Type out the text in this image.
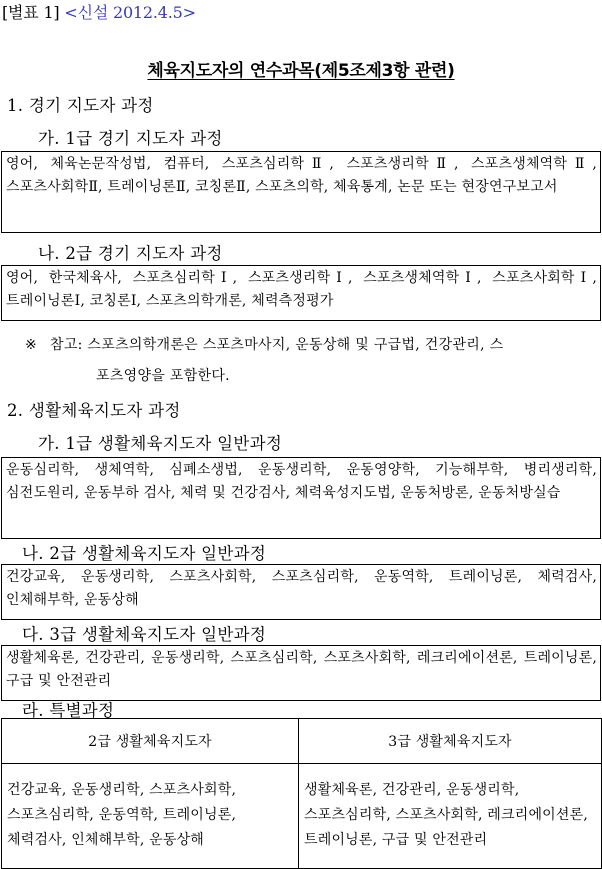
[별표 1] <신설 2012.4.5>
체육지도자의 연수과목(제5조제3항 관련)
1. 경기 지도자 과정
가. 1급 경기 지도자 과정
영어, 체육논문작성법, 컴퓨터, 스포츠심리학Ⅱ, 스포츠생리학Ⅱ, 스포츠생체역학Ⅱ, 스포츠사회학Ⅱ, 트레이닝론Ⅱ, 코칭론Ⅱ, 스포츠의학, 체육통계, 논문 또는 현장연구보고서
나. 2급 경기 지도자 과정
영어, 한국체육사, 스포츠심리학Ⅰ, 스포츠생리학Ⅰ, 스포츠생체역학Ⅰ, 스포츠사회학Ⅰ, 트레이닝론Ⅰ, 코칭론Ⅰ, 스포츠의학개론, 체력측정평가
※ 참고: 스포츠의학개론은 스포츠마사지, 운동상해 및 구급법, 건강관리, 스
포츠영양을 포함한다.
2. 생활체육지도자 과정
가. 1급 생활체육지도자 일반과정
운동심리학, 생체역학, 심폐소생법, 운동생리학, 운동영양학, 기능해부학, 병리생리학, 심전도원리, 운동부하 검사, 체력 및 건강검사, 체력육성지도법, 운동처방론, 운동처방실습
나. 2급 생활체육지도자 일반과정
건강교육, 운동생리학, 스포츠사회학, 스포츠심리학, 운동역학, 트레이닝론, 체력검사, 인체해부학, 운동상해
다. 3급 생활체육지도자 일반과정
생활체육론, 건강관리, 운동생리학, 스포츠심리학, 스포츠사회학, 레크리에이션론, 트레이닝론, 구급 및 안전관리
라. 특별과정
2급 생활체육지도자	3급 생활체육지도자
건강교육, 운동생리학, 스포츠사회학, 스포츠심리학, 운동역학, 트레이닝론, 체력검사, 인체해부학, 운동상해	생활체육론, 건강관리, 운동생리학, 스포츠심리학, 스포츠사회학, 레크리에이션론, 트레이닝론, 구급 및 안전관리
